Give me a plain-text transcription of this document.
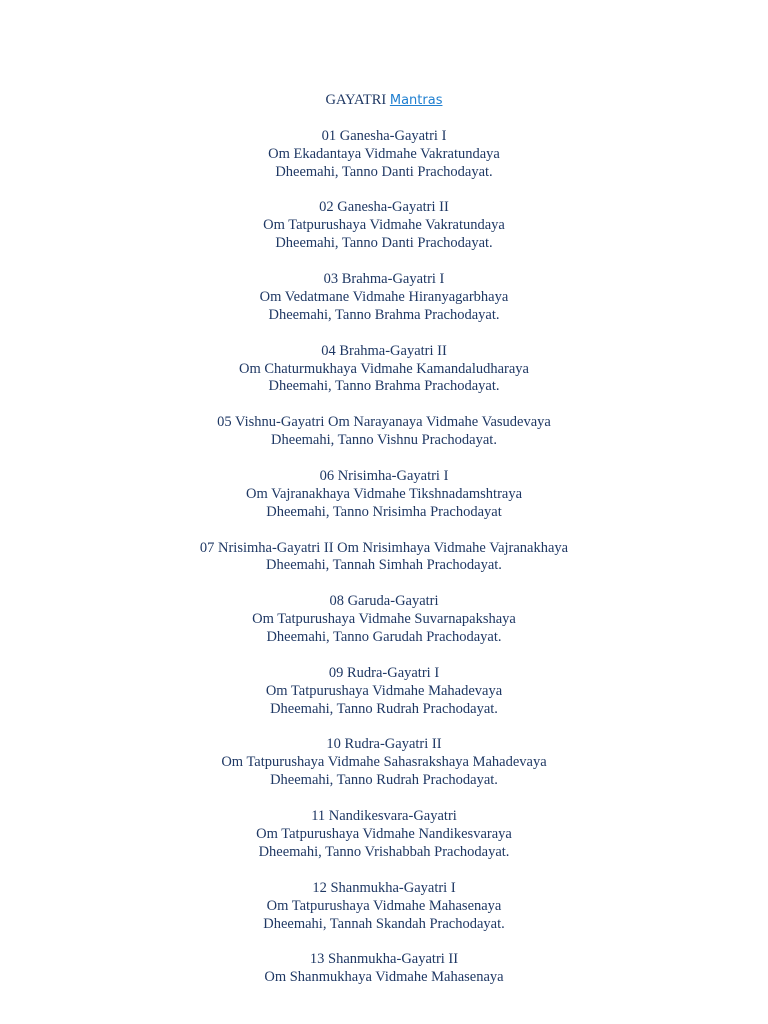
GAYATRI Mantras
01 Ganesha-Gayatri I
Om Ekadantaya Vidmahe Vakratundaya
Dheemahi, Tanno Danti Prachodayat.
02 Ganesha-Gayatri II
Om Tatpurushaya Vidmahe Vakratundaya
Dheemahi, Tanno Danti Prachodayat.
03 Brahma-Gayatri I
Om Vedatmane Vidmahe Hiranyagarbhaya
Dheemahi, Tanno Brahma Prachodayat.
04 Brahma-Gayatri II
Om Chaturmukhaya Vidmahe Kamandaludharaya
Dheemahi, Tanno Brahma Prachodayat.
05 Vishnu-Gayatri Om Narayanaya Vidmahe Vasudevaya
Dheemahi, Tanno Vishnu Prachodayat.
06 Nrisimha-Gayatri I
Om Vajranakhaya Vidmahe Tikshnadamshtraya
Dheemahi, Tanno Nrisimha Prachodayat
07 Nrisimha-Gayatri II Om Nrisimhaya Vidmahe Vajranakhaya
Dheemahi, Tannah Simhah Prachodayat.
08 Garuda-Gayatri
Om Tatpurushaya Vidmahe Suvarnapakshaya
Dheemahi, Tanno Garudah Prachodayat.
09 Rudra-Gayatri I
Om Tatpurushaya Vidmahe Mahadevaya
Dheemahi, Tanno Rudrah Prachodayat.
10 Rudra-Gayatri II
Om Tatpurushaya Vidmahe Sahasrakshaya Mahadevaya
Dheemahi, Tanno Rudrah Prachodayat.
11 Nandikesvara-Gayatri
Om Tatpurushaya Vidmahe Nandikesvaraya
Dheemahi, Tanno Vrishabbah Prachodayat.
12 Shanmukha-Gayatri I
Om Tatpurushaya Vidmahe Mahasenaya
Dheemahi, Tannah Skandah Prachodayat.
13 Shanmukha-Gayatri II
Om Shanmukhaya Vidmahe Mahasenaya
